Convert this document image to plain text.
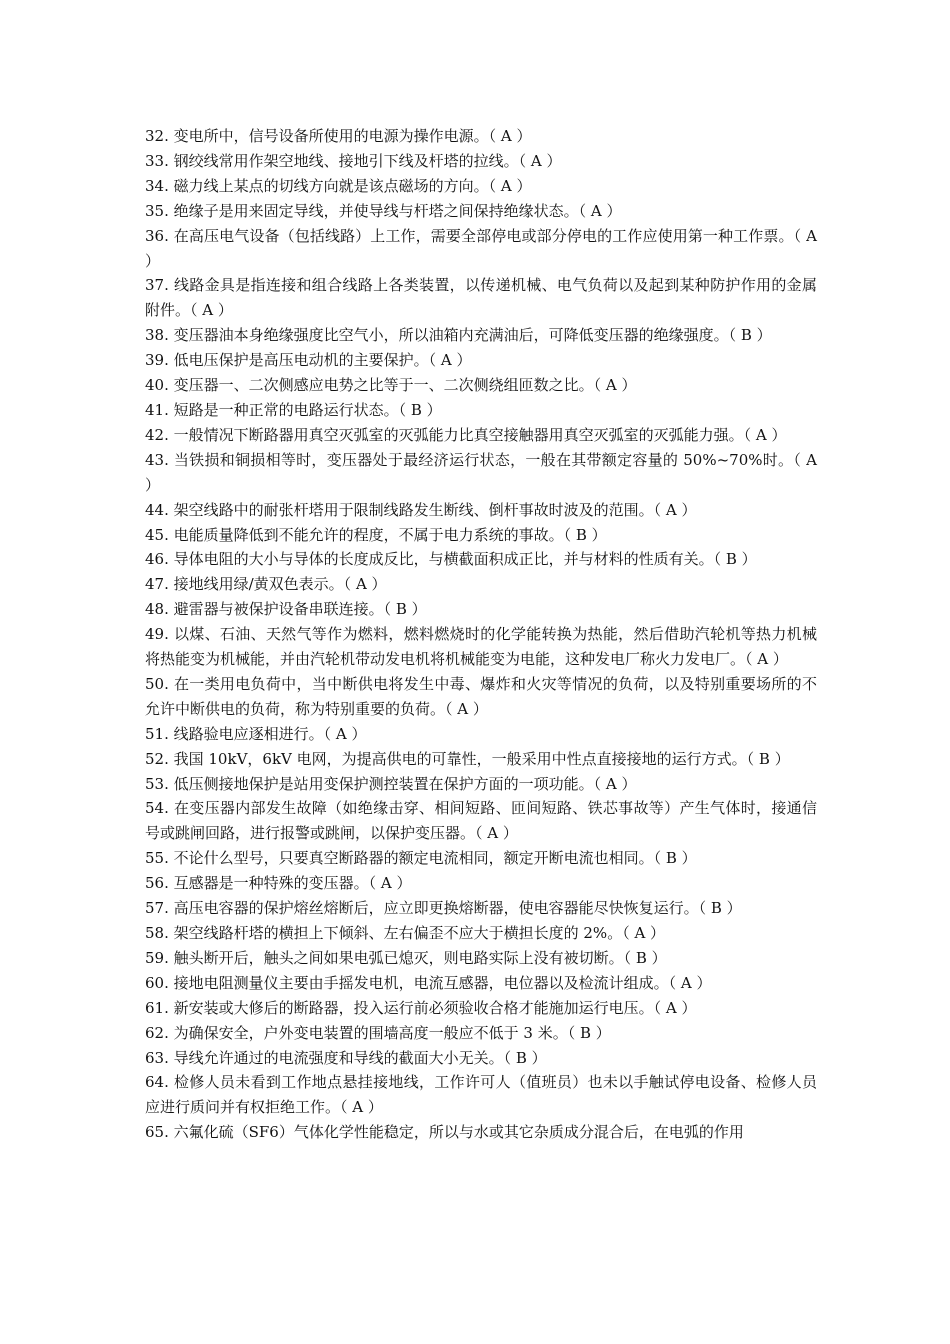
32. 变电所中，信号设备所使用的电源为操作电源。（ A ）

33. 钢绞线常用作架空地线、接地引下线及杆塔的拉线。（ A ）

34. 磁力线上某点的切线方向就是该点磁场的方向。（ A ）

35. 绝缘子是用来固定导线，并使导线与杆塔之间保持绝缘状态。（ A ）

36. 在高压电气设备（包括线路）上工作，需要全部停电或部分停电的工作应使用第一种工作票。（ A ）

37. 线路金具是指连接和组合线路上各类装置，以传递机械、电气负荷以及起到某种防护作用的金属附件。（ A ）

38. 变压器油本身绝缘强度比空气小，所以油箱内充满油后，可降低变压器的绝缘强度。（ B ）

39. 低电压保护是高压电动机的主要保护。（ A ）

40. 变压器一、二次侧感应电势之比等于一、二次侧绕组匝数之比。（ A ）

41. 短路是一种正常的电路运行状态。（ B ）

42. 一般情况下断路器用真空灭弧室的灭弧能力比真空接触器用真空灭弧室的灭弧能力强。（ A ）

43. 当铁损和铜损相等时，变压器处于最经济运行状态，一般在其带额定容量的 50%~70%时。（ A ）

44. 架空线路中的耐张杆塔用于限制线路发生断线、倒杆事故时波及的范围。（ A ）

45. 电能质量降低到不能允许的程度，不属于电力系统的事故。（ B ）

46. 导体电阻的大小与导体的长度成反比，与横截面积成正比，并与材料的性质有关。（ B ）

47. 接地线用绿/黄双色表示。（ A ）

48. 避雷器与被保护设备串联连接。（ B ）

49. 以煤、石油、天然气等作为燃料，燃料燃烧时的化学能转换为热能，然后借助汽轮机等热力机械将热能变为机械能，并由汽轮机带动发电机将机械能变为电能，这种发电厂称火力发电厂。（ A ）

50. 在一类用电负荷中，当中断供电将发生中毒、爆炸和火灾等情况的负荷，以及特别重要场所的不允许中断供电的负荷，称为特别重要的负荷。（ A ）

51. 线路验电应逐相进行。（ A ）

52. 我国 10kV，6kV 电网，为提高供电的可靠性，一般采用中性点直接接地的运行方式。（ B ）

53. 低压侧接地保护是站用变保护测控装置在保护方面的一项功能。（ A ）

54. 在变压器内部发生故障（如绝缘击穿、相间短路、匝间短路、铁芯事故等）产生气体时，接通信号或跳闸回路，进行报警或跳闸，以保护变压器。（ A ）

55. 不论什么型号，只要真空断路器的额定电流相同，额定开断电流也相同。（ B ）

56. 互感器是一种特殊的变压器。（ A ）

57. 高压电容器的保护熔丝熔断后，应立即更换熔断器，使电容器能尽快恢复运行。（ B ）

58. 架空线路杆塔的横担上下倾斜、左右偏歪不应大于横担长度的 2%。（ A ）

59. 触头断开后，触头之间如果电弧已熄灭，则电路实际上没有被切断。（ B ）

60. 接地电阻测量仪主要由手摇发电机，电流互感器，电位器以及检流计组成。（ A ）

61. 新安装或大修后的断路器，投入运行前必须验收合格才能施加运行电压。（ A ）

62. 为确保安全，户外变电装置的围墙高度一般应不低于 3 米。（ B ）

63. 导线允许通过的电流强度和导线的截面大小无关。（ B ）

64. 检修人员未看到工作地点悬挂接地线，工作许可人（值班员）也未以手触试停电设备、检修人员应进行质问并有权拒绝工作。（ A ）

65. 六氟化硫（SF6）气体化学性能稳定，所以与水或其它杂质成分混合后，在电弧的作用
